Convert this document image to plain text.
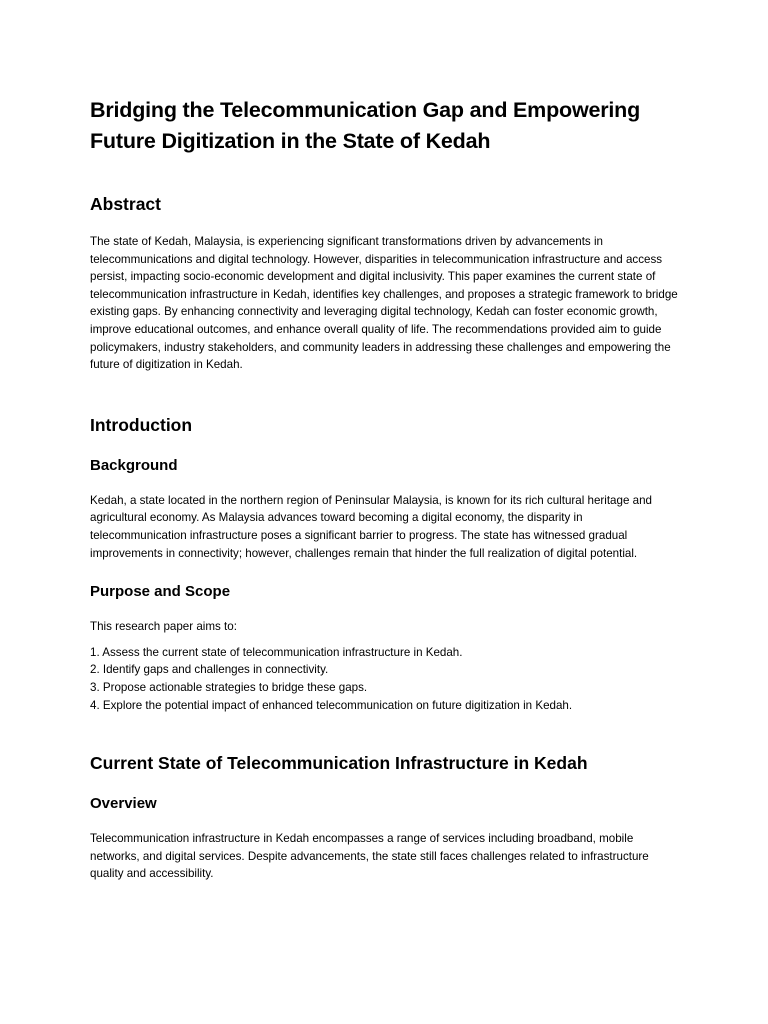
Bridging the Telecommunication Gap and Empowering
Future Digitization in the State of Kedah
Abstract

The state of Kedah, Malaysia, is experiencing significant transformations driven by advancements in telecommunications and digital technology. However, disparities in telecommunication infrastructure and access persist, impacting socio-economic development and digital inclusivity. This paper examines the current state of telecommunication infrastructure in Kedah, identifies key challenges, and proposes a strategic framework to bridge existing gaps. By enhancing connectivity and leveraging digital technology, Kedah can foster economic growth, improve educational outcomes, and enhance overall quality of life. The recommendations provided aim to guide policymakers, industry stakeholders, and community leaders in addressing these challenges and empowering the future of digitization in Kedah.

Introduction
Background

Kedah, a state located in the northern region of Peninsular Malaysia, is known for its rich cultural heritage and agricultural economy. As Malaysia advances toward becoming a digital economy, the disparity in telecommunication infrastructure poses a significant barrier to progress. The state has witnessed gradual improvements in connectivity; however, challenges remain that hinder the full realization of digital potential.

Purpose and Scope

This research paper aims to:

1. Assess the current state of telecommunication infrastructure in Kedah.
2. Identify gaps and challenges in connectivity.
3. Propose actionable strategies to bridge these gaps.
4. Explore the potential impact of enhanced telecommunication on future digitization in Kedah.
Current State of Telecommunication Infrastructure in Kedah
Overview

Telecommunication infrastructure in Kedah encompasses a range of services including broadband, mobile networks, and digital services. Despite advancements, the state still faces challenges related to infrastructure quality and accessibility.
